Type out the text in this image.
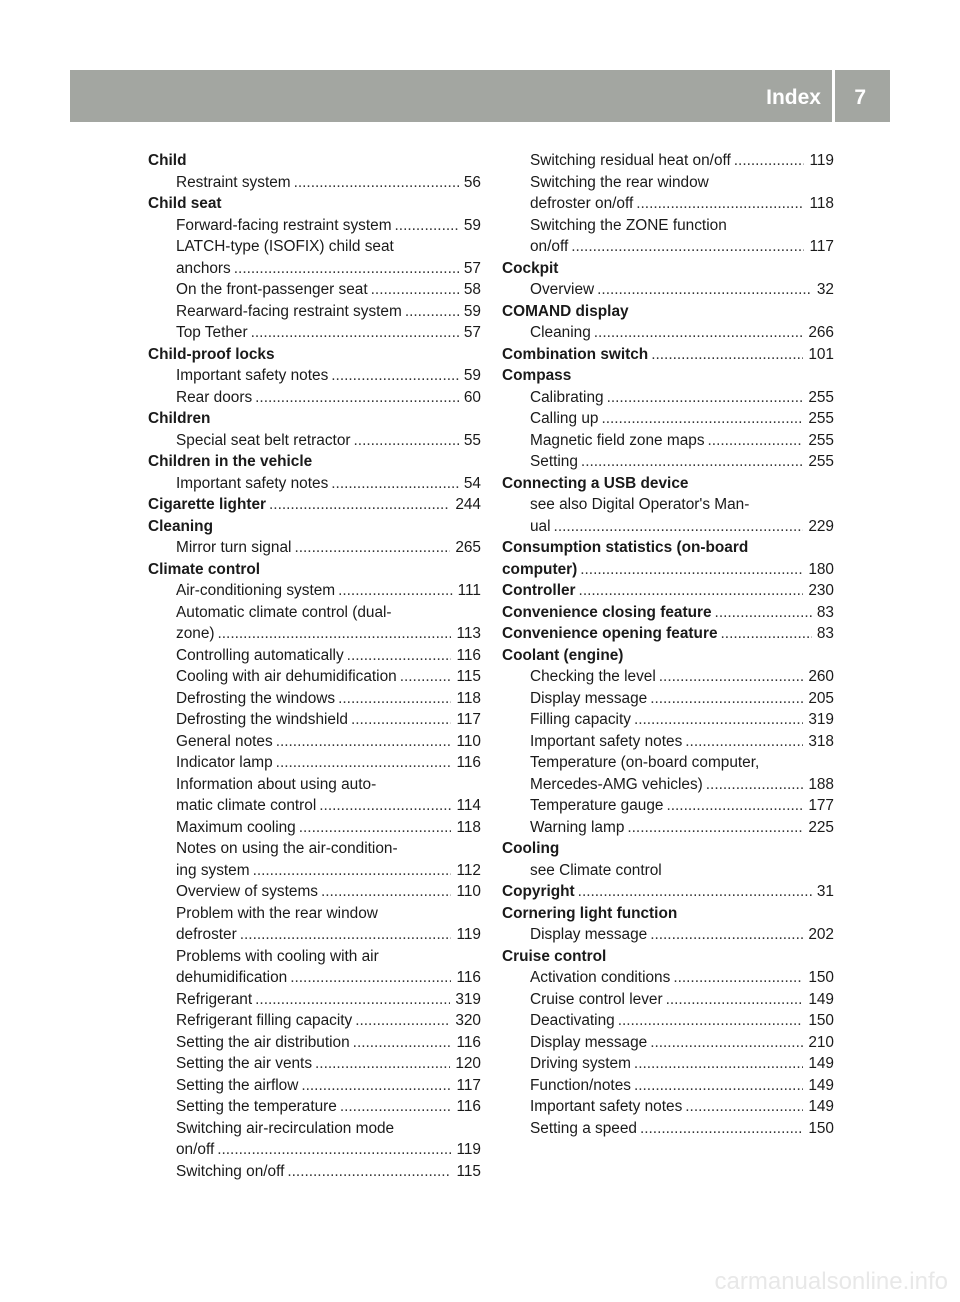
Index 7
Child
Restraint system .....	56
Child seat
Forward-facing restraint system .....	59
LATCH-type (ISOFIX) child seat
anchors .....	57
On the front-passenger seat .....	58
Rearward-facing restraint system .....	59
Top Tether .....	57
Child-proof locks
Important safety notes .....	59
Rear doors .....	60
Children
Special seat belt retractor .....	55
Children in the vehicle
Important safety notes .....	54
Cigarette lighter .....	244
Cleaning
Mirror turn signal .....	265
Climate control
Air-conditioning system .....	111
Automatic climate control (dual-
zone) .....	113
Controlling automatically .....	116
Cooling with air dehumidification .....	115
Defrosting the windows .....	118
Defrosting the windshield .....	117
General notes .....	110
Indicator lamp .....	116
Information about using auto-
matic climate control .....	114
Maximum cooling .....	118
Notes on using the air-condition-
ing system .....	112
Overview of systems .....	110
Problem with the rear window
defroster .....	119
Problems with cooling with air
dehumidification .....	116
Refrigerant .....	319
Refrigerant filling capacity .....	320
Setting the air distribution .....	116
Setting the air vents .....	120
Setting the airflow .....	117
Setting the temperature .....	116
Switching air-recirculation mode
on/off .....	119
Switching on/off .....	115
Switching residual heat on/off .....	119
Switching the rear window
defroster on/off .....	118
Switching the ZONE function
on/off .....	117
Cockpit
Overview .....	32
COMAND display
Cleaning .....	266
Combination switch .....	101
Compass
Calibrating .....	255
Calling up .....	255
Magnetic field zone maps .....	255
Setting .....	255
Connecting a USB device
see also Digital Operator's Man-
ual .....	229
Consumption statistics (on-board
computer) .....	180
Controller .....	230
Convenience closing feature .....	83
Convenience opening feature .....	83
Coolant (engine)
Checking the level .....	260
Display message .....	205
Filling capacity .....	319
Important safety notes .....	318
Temperature (on-board computer,
Mercedes-AMG vehicles) .....	188
Temperature gauge .....	177
Warning lamp .....	225
Cooling
see Climate control
Copyright .....	31
Cornering light function
Display message .....	202
Cruise control
Activation conditions .....	150
Cruise control lever .....	149
Deactivating .....	150
Display message .....	210
Driving system .....	149
Function/notes .....	149
Important safety notes .....	149
Setting a speed .....	150
carmanualsonline.info
